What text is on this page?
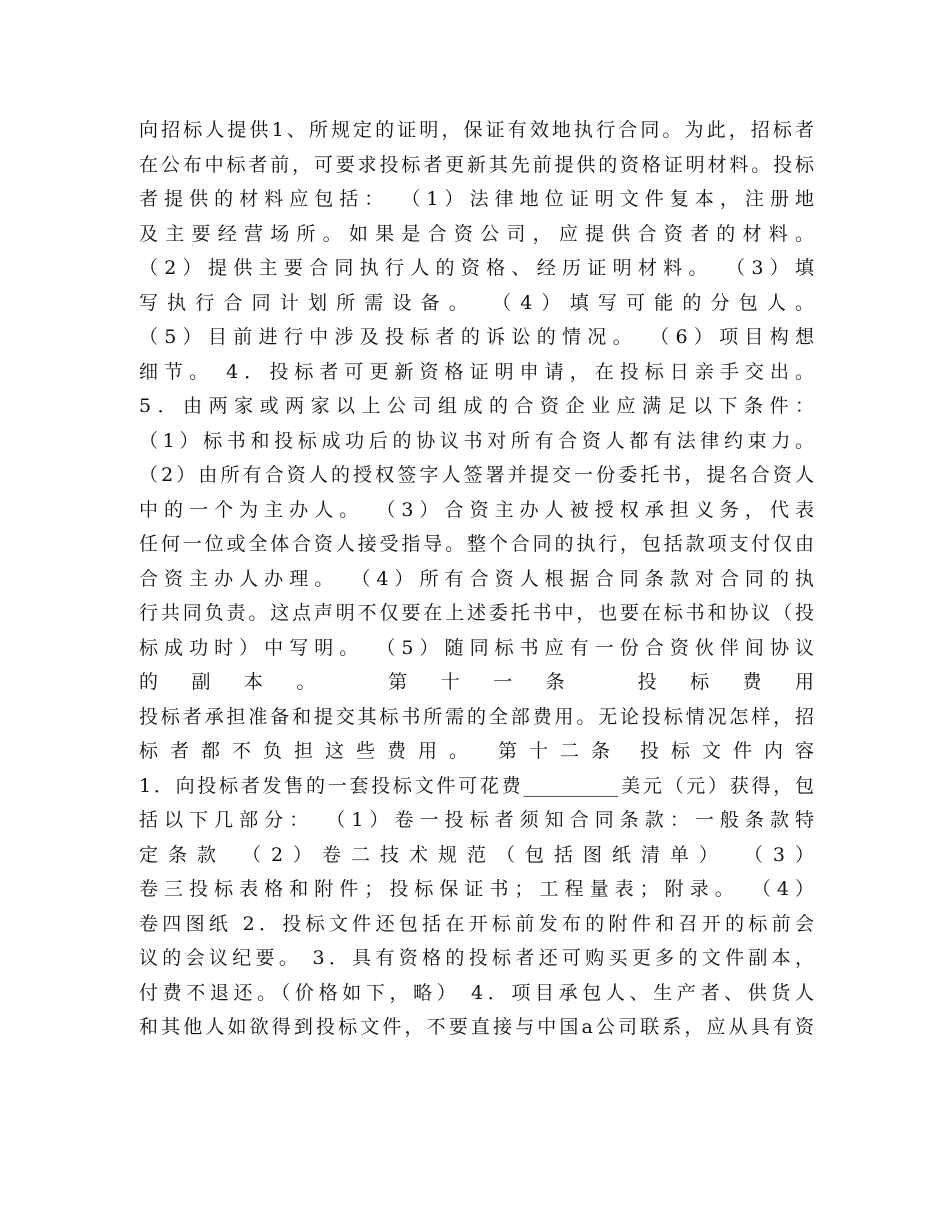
向招标人提供1、所规定的证明，保证有效地执行合同。为此，招标者
在公布中标者前，可要求投标者更新其先前提供的资格证明材料。投标
者提供的材料应包括： （1）法律地位证明文件复本，注册地
及主要经营场所。如果是合资公司，应提供合资者的材料。
（2）提供主要合同执行人的资格、经历证明材料。 （3）填
写执行合同计划所需设备。 （4）填写可能的分包人。
（5）目前进行中涉及投标者的诉讼的情况。 （6）项目构想
细节。 4．投标者可更新资格证明申请，在投标日亲手交出。
5．由两家或两家以上公司组成的合资企业应满足以下条件：
（1）标书和投标成功后的协议书对所有合资人都有法律约束力。
（2）由所有合资人的授权签字人签署并提交一份委托书，提名合资人
中的一个为主办人。 （3）合资主办人被授权承担义务，代表
任何一位或全体合资人接受指导。整个合同的执行，包括款项支付仅由
合资主办人办理。 （4）所有合资人根据合同条款对合同的执
行共同负责。这点声明不仅要在上述委托书中，也要在标书和协议（投
标成功时）中写明。 （5）随同标书应有一份合资伙伴间协议
的副本。 第十一条 投标费用
投标者承担准备和提交其标书所需的全部费用。无论投标情况怎样，招
标者都不负担这些费用。 第十二条 投标文件内容
1．向投标者发售的一套投标文件可花费__________美元（元）获得，包
括以下几部分： （1）卷一投标者须知合同条款：一般条款特
定条款 （2）卷二技术规范（包括图纸清单） （3）
卷三投标表格和附件；投标保证书；工程量表；附录。 （4）
卷四图纸 2．投标文件还包括在开标前发布的附件和召开的标前会
议的会议纪要。 3．具有资格的投标者还可购买更多的文件副本，
付费不退还。（价格如下，略） 4．项目承包人、生产者、供货人
和其他人如欲得到投标文件，不要直接与中国a公司联系，应从具有资
